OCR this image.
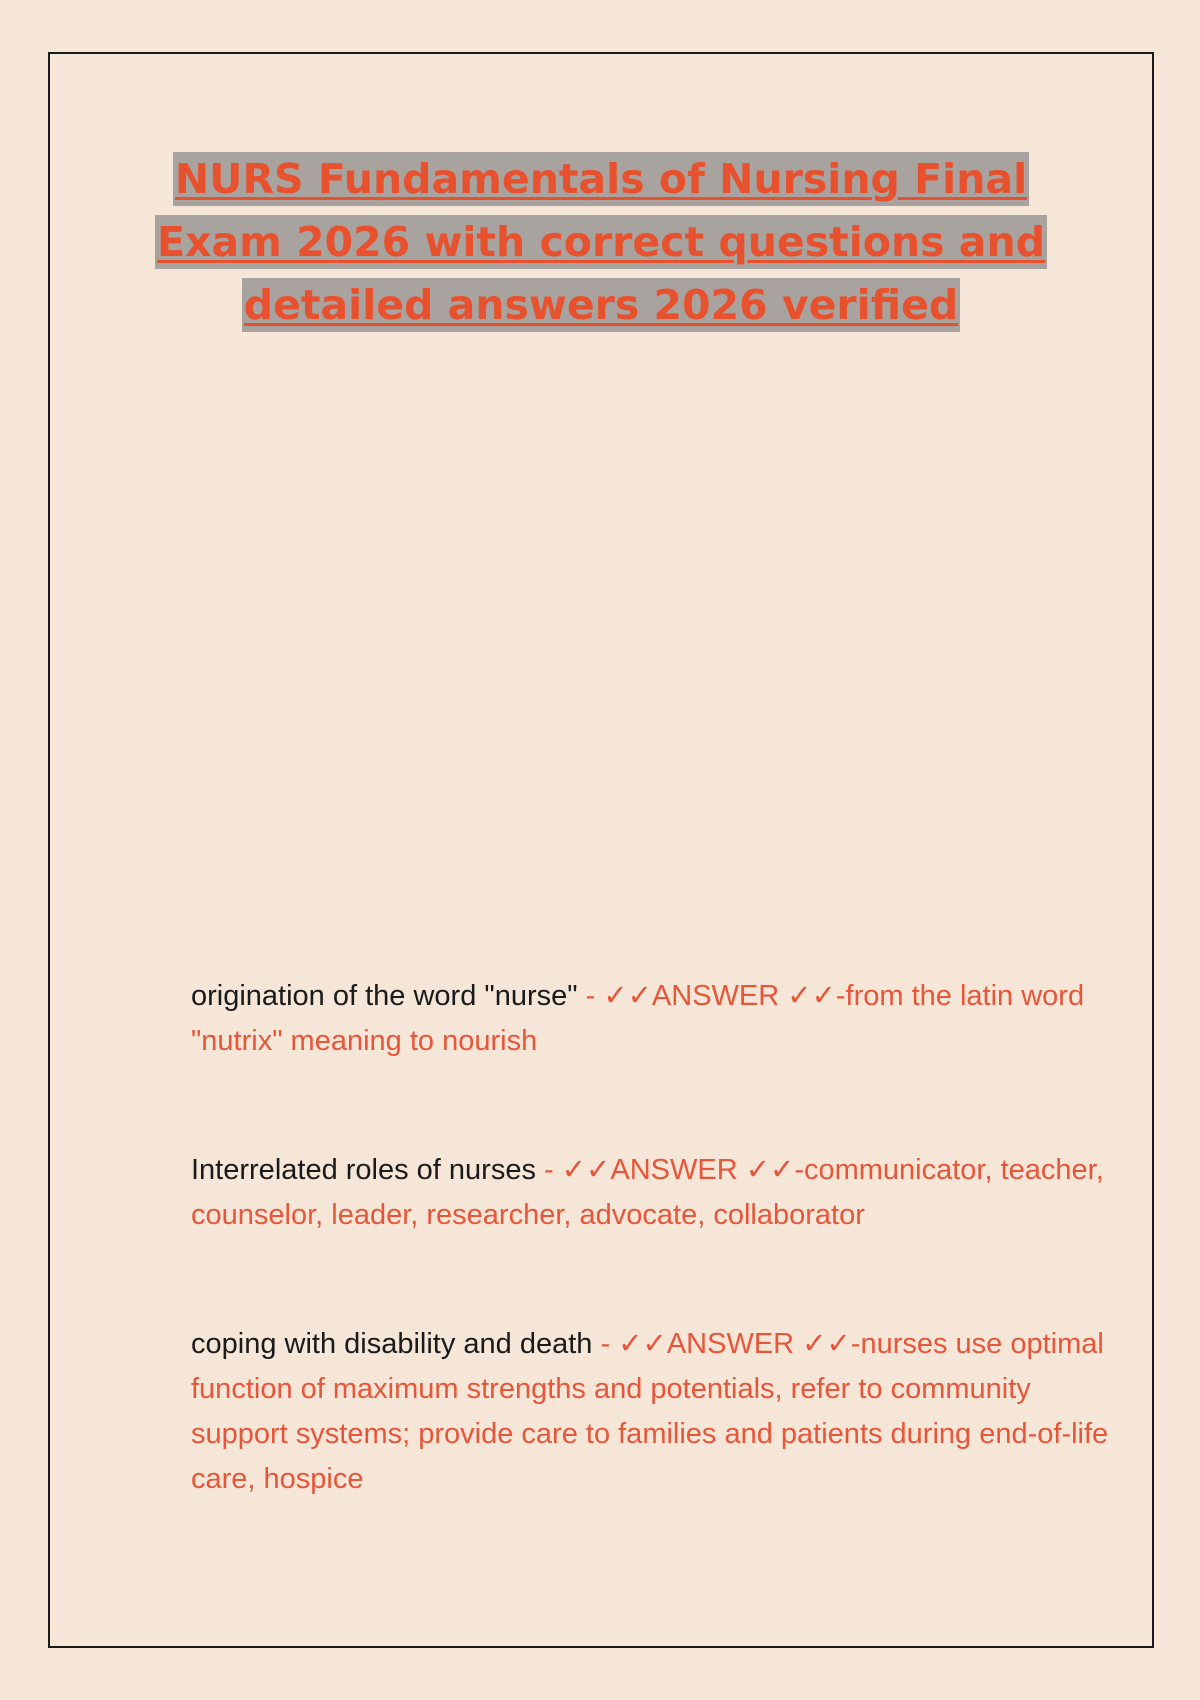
NURS Fundamentals of Nursing Final
Exam 2026 with correct questions and
detailed answers 2026 verified

origination of the word "nurse" - ✓✓ANSWER ✓✓-from the latin word "nutrix" meaning to nourish

Interrelated roles of nurses - ✓✓ANSWER ✓✓-communicator, teacher, counselor, leader, researcher, advocate, collaborator

coping with disability and death - ✓✓ANSWER ✓✓-nurses use optimal function of maximum strengths and potentials, refer to community support systems; provide care to families and patients during end-of-life care, hospice
